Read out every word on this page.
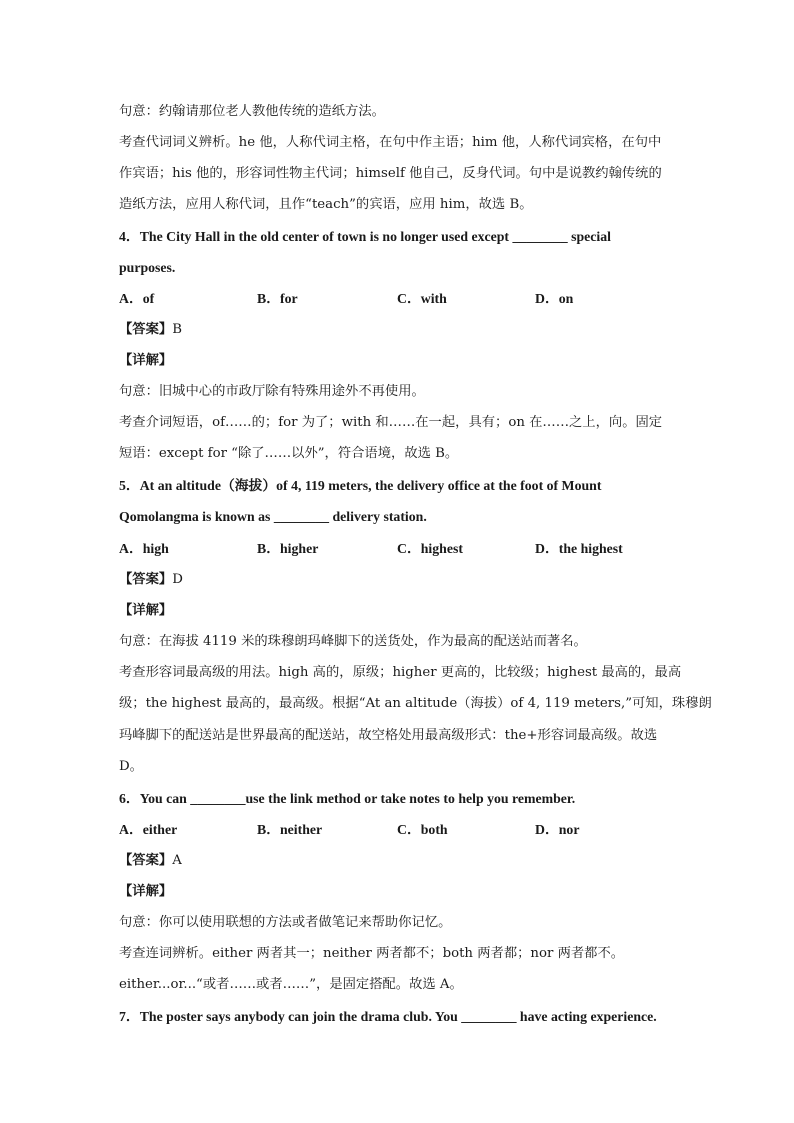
句意：约翰请那位老人教他传统的造纸方法。
考查代词词义辨析。he 他，人称代词主格，在句中作主语；him 他，人称代词宾格，在句中
作宾语；his 他的，形容词性物主代词；himself 他自己，反身代词。句中是说教约翰传统的
造纸方法，应用人称代词，且作“teach”的宾语，应用 him，故选 B。
4．The City Hall in the old center of town is no longer used except ________ special
purposes.
A．of	B．for	C．with	D．on
【答案】B
【详解】
句意：旧城中心的市政厅除有特殊用途外不再使用。
考查介词短语，of……的；for 为了；with 和……在一起，具有；on 在……之上，向。固定
短语：except for “除了……以外”，符合语境，故选 B。
5．At an altitude（海拔）of 4, 119 meters, the delivery office at the foot of Mount
Qomolangma is known as ________ delivery station.
A．high	B．higher	C．highest	D．the highest
【答案】D
【详解】
句意：在海拔 4119 米的珠穆朗玛峰脚下的送货处，作为最高的配送站而著名。
考查形容词最高级的用法。high 高的，原级；higher 更高的，比较级；highest 最高的，最高
级；the highest 最高的，最高级。根据“At an altitude（海拔）of 4, 119 meters,”可知，珠穆朗
玛峰脚下的配送站是世界最高的配送站，故空格处用最高级形式：the+形容词最高级。故选
D。
6．You can ________use the link method or take notes to help you remember.
A．either	B．neither	C．both	D．nor
【答案】A
【详解】
句意：你可以使用联想的方法或者做笔记来帮助你记忆。
考查连词辨析。either 两者其一；neither 两者都不；both 两者都；nor 两者都不。
either...or...“或者……或者……”，是固定搭配。故选 A。
7．The poster says anybody can join the drama club. You ________ have acting experience.
